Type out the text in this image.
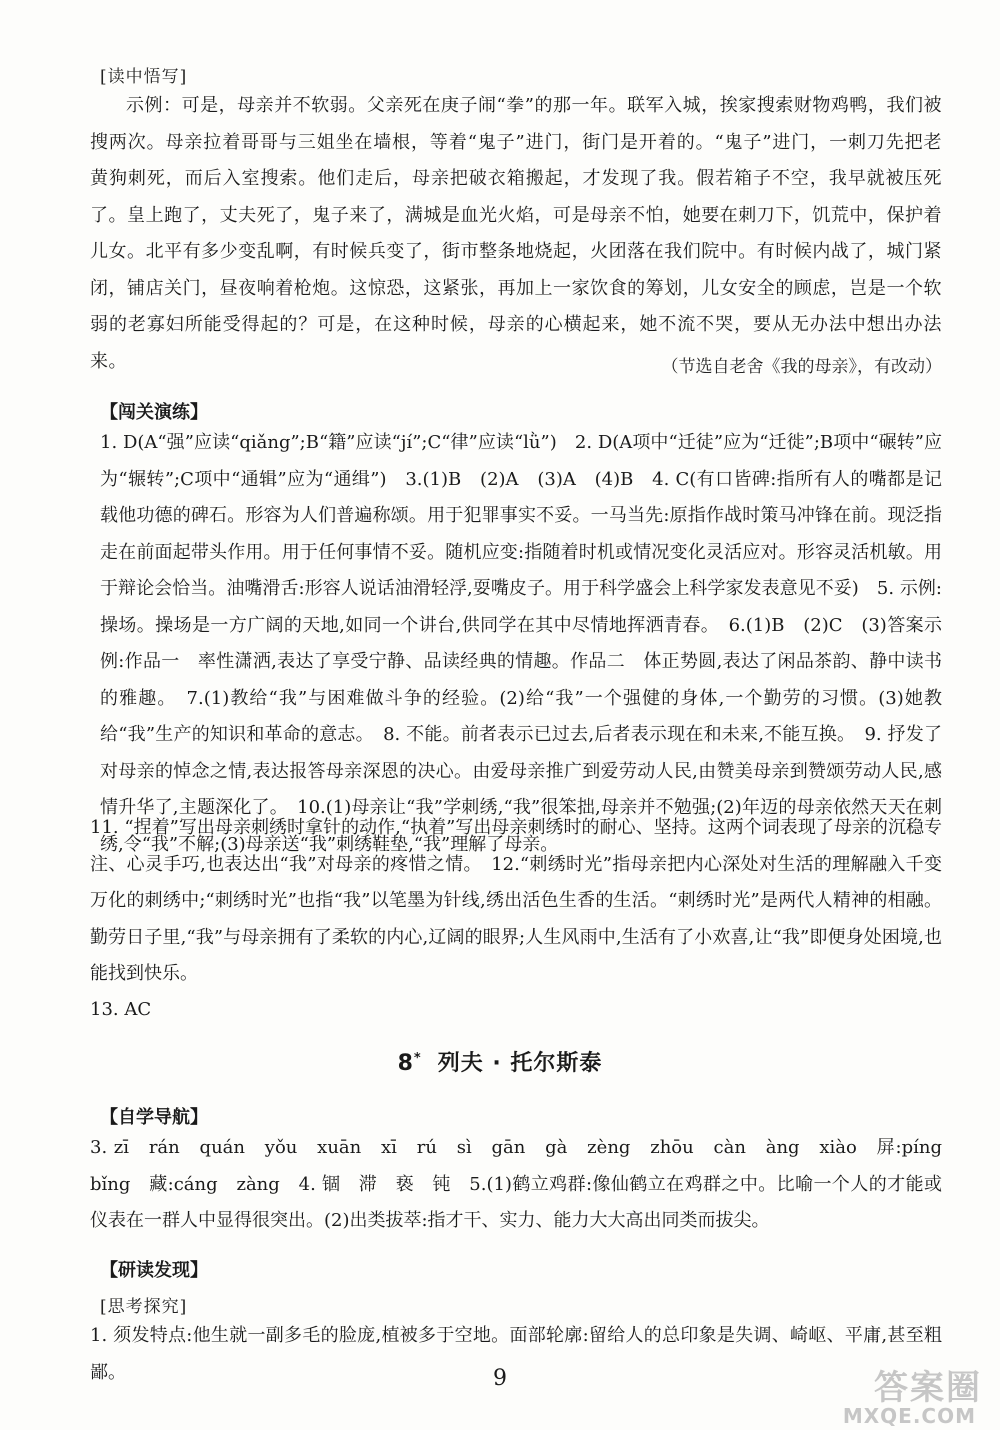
[读中悟写]
示例：可是，母亲并不软弱。父亲死在庚子闹“拳”的那一年。联军入城，挨家搜索财物鸡鸭，我们被搜两次。母亲拉着哥哥与三姐坐在墙根，等着“鬼子”进门，街门是开着的。“鬼子”进门，一刺刀先把老黄狗刺死，而后入室搜索。他们走后，母亲把破衣箱搬起，才发现了我。假若箱子不空，我早就被压死了。皇上跑了，丈夫死了，鬼子来了，满城是血光火焰，可是母亲不怕，她要在刺刀下，饥荒中，保护着儿女。北平有多少变乱啊，有时候兵变了，街市整条地烧起，火团落在我们院中。有时候内战了，城门紧闭，铺店关门，昼夜响着枪炮。这惊恐，这紧张，再加上一家饮食的筹划，儿女安全的顾虑，岂是一个软弱的老寡妇所能受得起的？可是，在这种时候，母亲的心横起来，她不流不哭，要从无办法中想出办法来。	（节选自老舍《我的母亲》，有改动）
【闯关演练】
1. D(A“强”应读“qiǎng”;B“籍”应读“jí”;C“律”应读“lǜ”)　2. D(A项中“迁徒”应为“迁徙”;B项中“碾转”应为“辗转”;C项中“通辑”应为“通缉”)　3.(1)B　(2)A　(3)A　(4)B　4. C(有口皆碑:指所有人的嘴都是记载他功德的碑石。形容为人们普遍称颂。用于犯罪事实不妥。一马当先:原指作战时策马冲锋在前。现泛指走在前面起带头作用。用于任何事情不妥。随机应变:指随着时机或情况变化灵活应对。形容灵活机敏。用于辩论会恰当。油嘴滑舌:形容人说话油滑轻浮,耍嘴皮子。用于科学盛会上科学家发表意见不妥)　5. 示例:操场。操场是一方广阔的天地,如同一个讲台,供同学在其中尽情地挥洒青春。　6.(1)B　(2)C　(3)答案示例:作品一　率性潇洒,表达了享受宁静、品读经典的情趣。作品二　体正势圆,表达了闲品茶韵、静中读书的雅趣。　7.(1)教给“我”与困难做斗争的经验。(2)给“我”一个强健的身体,一个勤劳的习惯。(3)她教给“我”生产的知识和革命的意志。　8. 不能。前者表示已过去,后者表示现在和未来,不能互换。　9. 抒发了对母亲的悼念之情,表达报答母亲深恩的决心。由爱母亲推广到爱劳动人民,由赞美母亲到赞颂劳动人民,感情升华了,主题深化了。　10.(1)母亲让“我”学刺绣,“我”很笨拙,母亲并不勉强;(2)年迈的母亲依然天天在刺绣,令“我”不解;(3)母亲送“我”刺绣鞋垫,“我”理解了母亲。
11. “捏着”写出母亲刺绣时拿针的动作,“执着”写出母亲刺绣时的耐心、坚持。这两个词表现了母亲的沉稳专注、心灵手巧,也表达出“我”对母亲的疼惜之情。　12.“刺绣时光”指母亲把内心深处对生活的理解融入千变万化的刺绣中;“刺绣时光”也指“我”以笔墨为针线,绣出活色生香的生活。“刺绣时光”是两代人精神的相融。勤劳日子里,“我”与母亲拥有了柔软的内心,辽阔的眼界;人生风雨中,生活有了小欢喜,让“我”即便身处困境,也能找到快乐。
13. AC
8* 列夫 · 托尔斯泰
【自学导航】
3. zī　rán　quán　yǒu　xuān　xī　rú　sì　gān　gà　zèng　zhōu　càn　àng　xiào　屏:píng　bǐng　藏:cáng　zàng　4. 锢　滞　亵　钝　5.(1)鹤立鸡群:像仙鹤立在鸡群之中。比喻一个人的才能或仪表在一群人中显得很突出。(2)出类拔萃:指才干、实力、能力大大高出同类而拔尖。
【研读发现】
[思考探究]
1. 须发特点:他生就一副多毛的脸庞,植被多于空地。面部轮廓:留给人的总印象是失调、崎岖、平庸,甚至粗鄙。	9	答案圈
MXQE.COM
